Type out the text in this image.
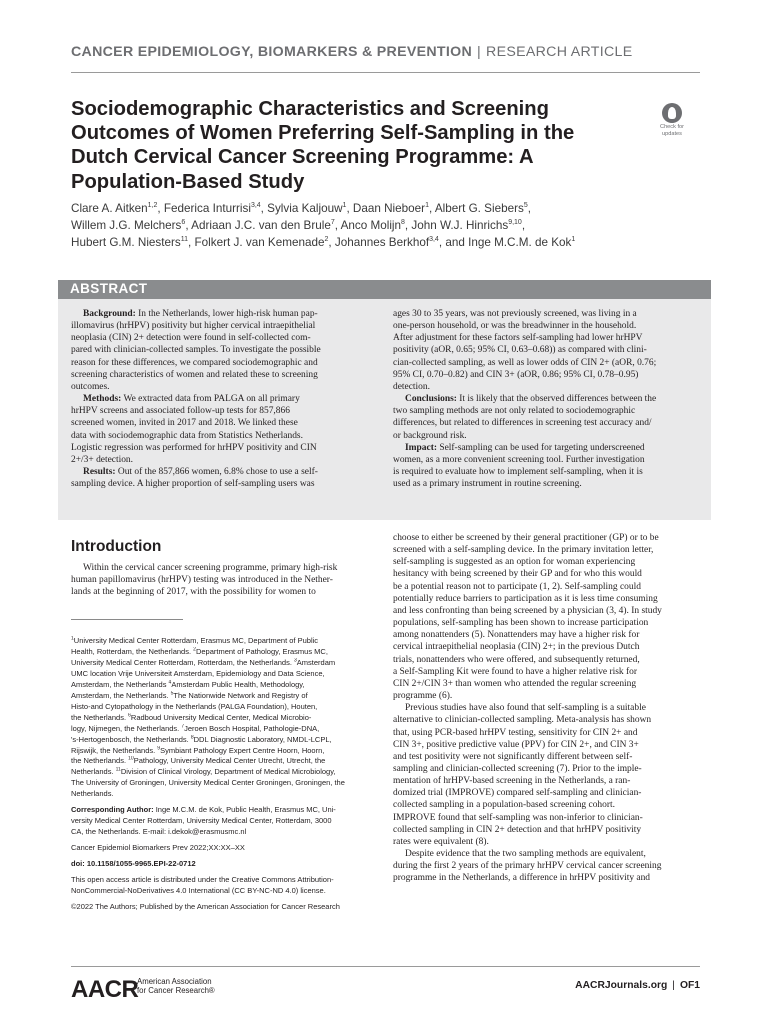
CANCER EPIDEMIOLOGY, BIOMARKERS & PREVENTION | RESEARCH ARTICLE
Sociodemographic Characteristics and Screening
Outcomes of Women Preferring Self-Sampling in the
Dutch Cervical Cancer Screening Programme: A
Population-Based Study
Check for
updates
Clare A. Aitken$^{1,2}$, Federica Inturrisi$^{3,4}$, Sylvia Kaljouw$^1$, Daan Nieboer$^1$, Albert G. Siebers$^5$,
Willem J.G. Melchers$^6$, Adriaan J.C. van den Brule$^7$, Anco Molijn$^8$, John W.J. Hinrichs$^{9,10}$,
Hubert G.M. Niesters$^{11}$, Folkert J. van Kemenade$^2$, Johannes Berkhof$^{3,4}$, and Inge M.C.M. de Kok$^1$
ABSTRACT
Background: In the Netherlands, lower high-risk human pap-
illomavirus (hrHPV) positivity but higher cervical intraepithelial
neoplasia (CIN) 2+ detection were found in self-collected com-
pared with clinician-collected samples. To investigate the possible
reason for these differences, we compared sociodemographic and
screening characteristics of women and related these to screening
outcomes.
Methods: We extracted data from PALGA on all primary
hrHPV screens and associated follow-up tests for 857,866
screened women, invited in 2017 and 2018. We linked these
data with sociodemographic data from Statistics Netherlands.
Logistic regression was performed for hrHPV positivity and CIN
2+/3+ detection.
Results: Out of the 857,866 women, 6.8% chose to use a self-
sampling device. A higher proportion of self-sampling users was
ages 30 to 35 years, was not previously screened, was living in a
one-person household, or was the breadwinner in the household.
After adjustment for these factors self-sampling had lower hrHPV
positivity (aOR, 0.65; 95% CI, 0.63–0.68)) as compared with clini-
cian-collected sampling, as well as lower odds of CIN 2+ (aOR, 0.76;
95% CI, 0.70–0.82) and CIN 3+ (aOR, 0.86; 95% CI, 0.78–0.95)
detection.
Conclusions: It is likely that the observed differences between the
two sampling methods are not only related to sociodemographic
differences, but related to differences in screening test accuracy and/
or background risk.
Impact: Self-sampling can be used for targeting underscreened
women, as a more convenient screening tool. Further investigation
is required to evaluate how to implement self-sampling, when it is
used as a primary instrument in routine screening.
Introduction
Within the cervical cancer screening programme, primary high-risk
human papillomavirus (hrHPV) testing was introduced in the Nether-
lands at the beginning of 2017, with the possibility for women to
$^1$University Medical Center Rotterdam, Erasmus MC, Department of Public
Health, Rotterdam, the Netherlands. $^2$Department of Pathology, Erasmus MC,
University Medical Center Rotterdam, Rotterdam, the Netherlands. $^3$Amsterdam
UMC location Vrije Universiteit Amsterdam, Epidemiology and Data Science,
Amsterdam, the Netherlands $^4$Amsterdam Public Health, Methodology,
Amsterdam, the Netherlands. $^5$The Nationwide Network and Registry of
Histo-and Cytopathology in the Netherlands (PALGA Foundation), Houten,
the Netherlands. $^6$Radboud University Medical Center, Medical Microbio-
logy, Nijmegen, the Netherlands. $^7$Jeroen Bosch Hospital, Pathologie-DNA,
's-Hertogenbosch, the Netherlands. $^8$DDL Diagnostic Laboratory, NMDL-LCPL,
Rijswijk, the Netherlands. $^9$Symbiant Pathology Expert Centre Hoorn, Hoorn,
the Netherlands. $^{10}$Pathology, University Medical Center Utrecht, Utrecht, the
Netherlands. $^{11}$Division of Clinical Virology, Department of Medical Microbiology,
The University of Groningen, University Medical Center Groningen, Groningen, the
Netherlands.
Corresponding Author: Inge M.C.M. de Kok, Public Health, Erasmus MC, Uni-
versity Medical Center Rotterdam, University Medical Center, Rotterdam, 3000
CA, the Netherlands. E-mail: i.dekok@erasmusmc.nl
Cancer Epidemiol Biomarkers Prev 2022;XX:XX–XX
doi: 10.1158/1055-9965.EPI-22-0712
This open access article is distributed under the Creative Commons Attribution-
NonCommercial-NoDerivatives 4.0 International (CC BY-NC-ND 4.0) license.
©2022 The Authors; Published by the American Association for Cancer Research
choose to either be screened by their general practitioner (GP) or to be
screened with a self-sampling device. In the primary invitation letter,
self-sampling is suggested as an option for woman experiencing
hesitancy with being screened by their GP and for who this would
be a potential reason not to participate (1, 2). Self-sampling could
potentially reduce barriers to participation as it is less time consuming
and less confronting than being screened by a physician (3, 4). In study
populations, self-sampling has been shown to increase participation
among nonattenders (5). Nonattenders may have a higher risk for
cervical intraepithelial neoplasia (CIN) 2+; in the previous Dutch
trials, nonattenders who were offered, and subsequently returned,
a Self-Sampling Kit were found to have a higher relative risk for
CIN 2+/CIN 3+ than women who attended the regular screening
programme (6).
Previous studies have also found that self-sampling is a suitable
alternative to clinician-collected sampling. Meta-analysis has shown
that, using PCR-based hrHPV testing, sensitivity for CIN 2+ and
CIN 3+, positive predictive value (PPV) for CIN 2+, and CIN 3+
and test positivity were not significantly different between self-
sampling and clinician-collected screening (7). Prior to the imple-
mentation of hrHPV-based screening in the Netherlands, a ran-
domized trial (IMPROVE) compared self-sampling and clinician-
collected sampling in a population-based screening cohort.
IMPROVE found that self-sampling was non-inferior to clinician-
collected sampling in CIN 2+ detection and that hrHPV positivity
rates were equivalent (8).
Despite evidence that the two sampling methods are equivalent,
during the first 2 years of the primary hrHPV cervical cancer screening
programme in the Netherlands, a difference in hrHPV positivity and
AACR
American Association
for Cancer Research®	AACRJournals.org | OF1
